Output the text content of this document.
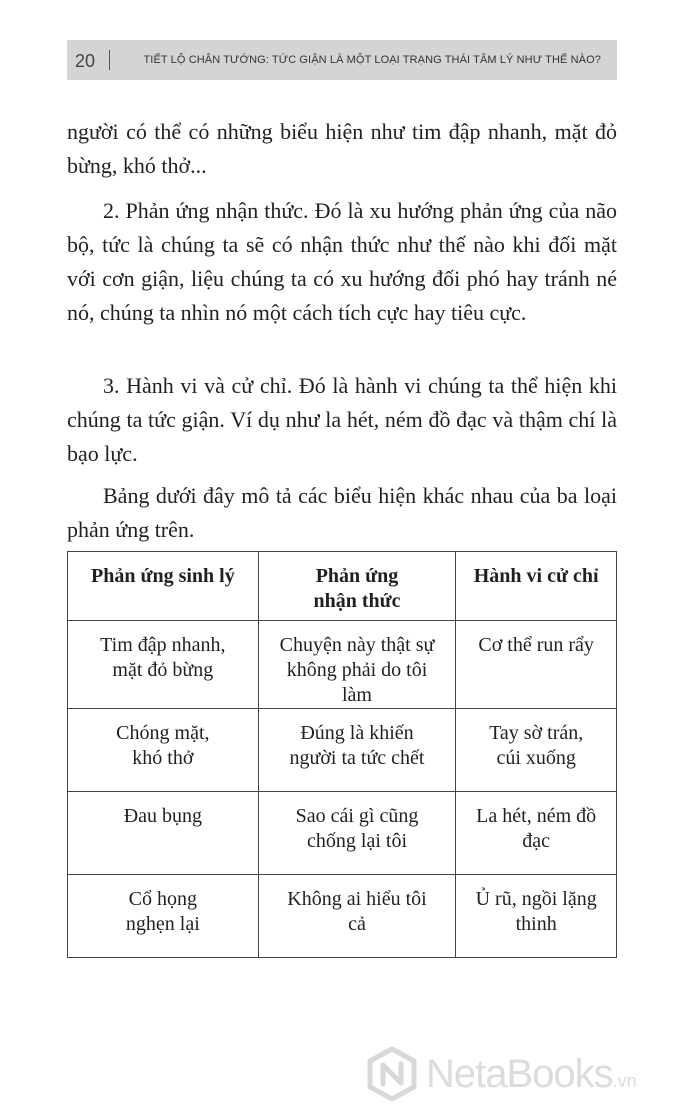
20	TIẾT LỘ CHÂN TƯỚNG: TỨC GIẬN LÀ MỘT LOẠI TRẠNG THÁI TÂM LÝ NHƯ THẾ NÀO?

người có thể có những biểu hiện như tim đập nhanh, mặt đỏ bừng, khó thở...

2. Phản ứng nhận thức. Đó là xu hướng phản ứng của não bộ, tức là chúng ta sẽ có nhận thức như thế nào khi đối mặt với cơn giận, liệu chúng ta có xu hướng đối phó hay tránh né nó, chúng ta nhìn nó một cách tích cực hay tiêu cực.

3. Hành vi và cử chỉ. Đó là hành vi chúng ta thể hiện khi chúng ta tức giận. Ví dụ như la hét, ném đồ đạc và thậm chí là bạo lực.

Bảng dưới đây mô tả các biểu hiện khác nhau của ba loại phản ứng trên.

Phản ứng sinh lý	Phản ứng nhận thức	Hành vi cử chỉ
Tim đập nhanh, mặt đỏ bừng	Chuyện này thật sự không phải do tôi làm	Cơ thể run rẩy
Chóng mặt, khó thở	Đúng là khiến người ta tức chết	Tay sờ trán, cúi xuống
Đau bụng	Sao cái gì cũng chống lại tôi	La hét, ném đồ đạc
Cổ họng nghẹn lại	Không ai hiểu tôi cả	Ủ rũ, ngồi lặng thinh
NetaBooks.vn
